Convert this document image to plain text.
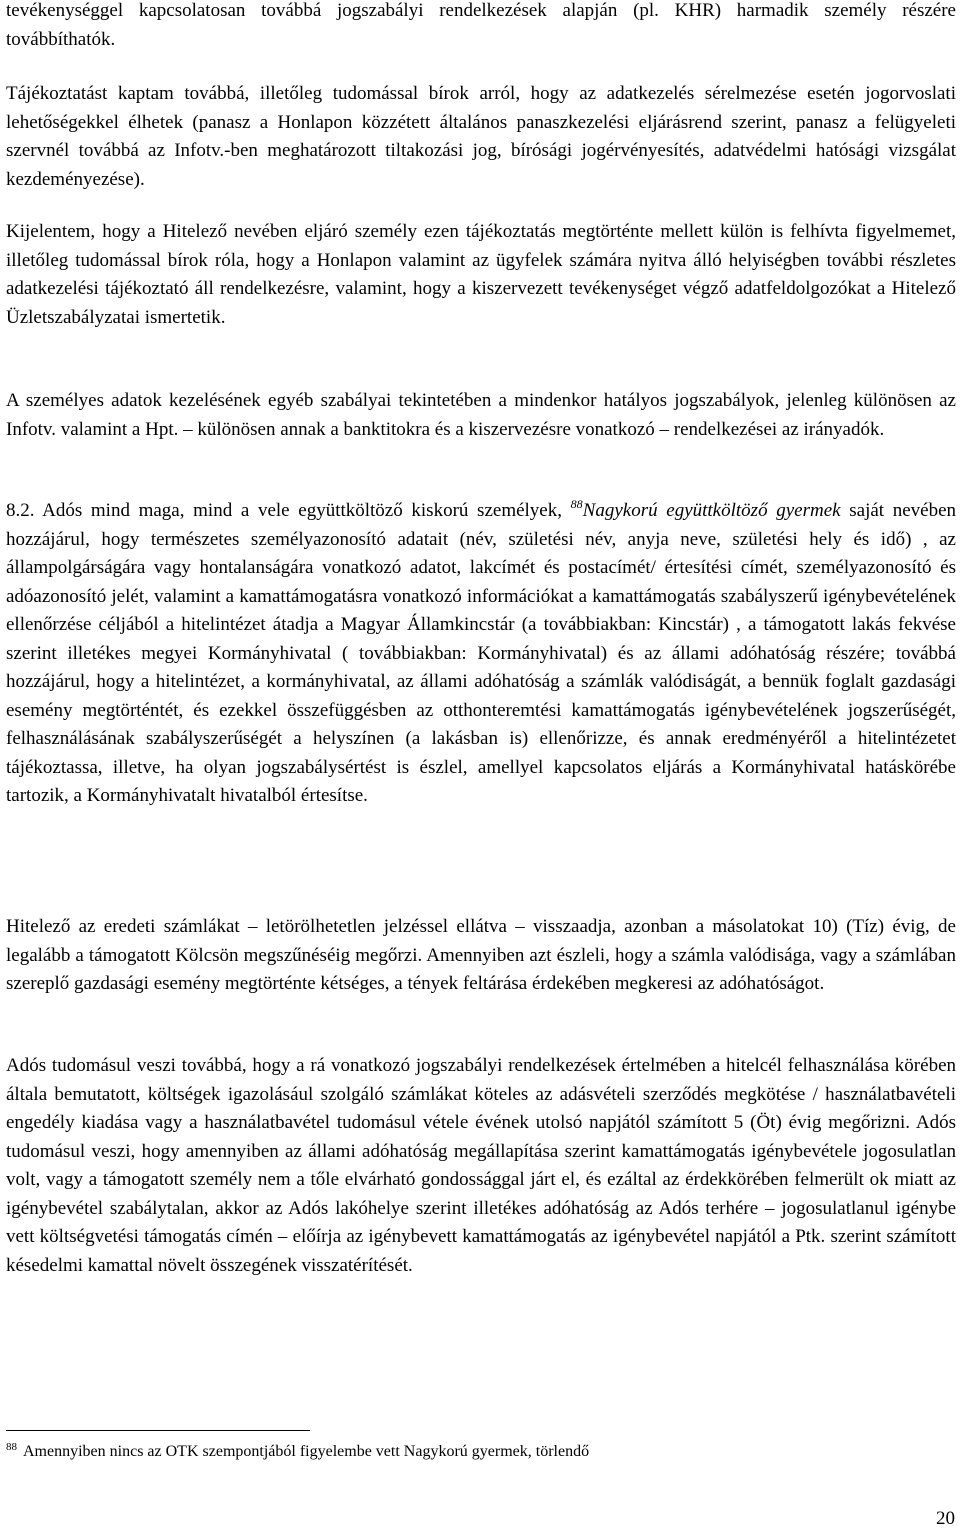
tevékenységgel kapcsolatosan továbbá jogszabályi rendelkezések alapján (pl. KHR) harmadik személy részére továbbíthatók.

Tájékoztatást kaptam továbbá, illetőleg tudomással bírok arról, hogy az adatkezelés sérelmezése esetén jogorvoslati lehetőségekkel élhetek (panasz a Honlapon közzétett általános panaszkezelési eljárásrend szerint, panasz a felügyeleti szervnél továbbá az Infotv.-ben meghatározott tiltakozási jog, bírósági jogérvényesítés, adatvédelmi hatósági vizsgálat kezdeményezése).

Kijelentem, hogy a Hitelező nevében eljáró személy ezen tájékoztatás megtörténte mellett külön is felhívta figyelmemet, illetőleg tudomással bírok róla, hogy a Honlapon valamint az ügyfelek számára nyitva álló helyiségben további részletes adatkezelési tájékoztató áll rendelkezésre, valamint, hogy a kiszervezett tevékenységet végző adatfeldolgozókat a Hitelező Üzletszabályzatai ismertetik.

A személyes adatok kezelésének egyéb szabályai tekintetében a mindenkor hatályos jogszabályok, jelenleg különösen az Infotv. valamint a Hpt. – különösen annak a banktitokra és a kiszervezésre vonatkozó – rendelkezései az irányadók.

8.2. Adós mind maga, mind a vele együttköltöző kiskorú személyek, $^{88}$Nagykorú együttköltöző gyermek saját nevében hozzájárul, hogy természetes személyazonosító adatait (név, születési név, anyja neve, születési hely és idő) , az állampolgárságára vagy hontalanságára vonatkozó adatot, lakcímét és postacímét/ értesítési címét, személyazonosító és adóazonosító jelét, valamint a kamattámogatásra vonatkozó információkat a kamattámogatás szabályszerű igénybevételének ellenőrzése céljából a hitelintézet átadja a Magyar Államkincstár (a továbbiakban: Kincstár) , a támogatott lakás fekvése szerint illetékes megyei Kormányhivatal ( továbbiakban: Kormányhivatal) és az állami adóhatóság részére; továbbá hozzájárul, hogy a hitelintézet, a kormányhivatal, az állami adóhatóság a számlák valódiságát, a bennük foglalt gazdasági esemény megtörténtét, és ezekkel összefüggésben az otthonteremtési kamattámogatás igénybevételének jogszerűségét, felhasználásának szabályszerűségét a helyszínen (a lakásban is) ellenőrizze, és annak eredményéről a hitelintézetet tájékoztassa, illetve, ha olyan jogszabálysértést is észlel, amellyel kapcsolatos eljárás a Kormányhivatal hatáskörébe tartozik, a Kormányhivatalt hivatalból értesítse.

Hitelező az eredeti számlákat – letörölhetetlen jelzéssel ellátva – visszaadja, azonban a másolatokat 10) (Tíz) évig, de legalább a támogatott Kölcsön megszűnéséig megőrzi. Amennyiben azt észleli, hogy a számla valódisága, vagy a számlában szereplő gazdasági esemény megtörténte kétséges, a tények feltárása érdekében megkeresi az adóhatóságot.

Adós tudomásul veszi továbbá, hogy a rá vonatkozó jogszabályi rendelkezések értelmében a hitelcél felhasználása körében általa bemutatott, költségek igazolásául szolgáló számlákat köteles az adásvételi szerződés megkötése / használatbavételi engedély kiadása vagy a használatbavétel tudomásul vétele évének utolsó napjától számított 5 (Öt) évig megőrizni. Adós tudomásul veszi, hogy amennyiben az állami adóhatóság megállapítása szerint kamattámogatás igénybevétele jogosulatlan volt, vagy a támogatott személy nem a tőle elvárható gondossággal járt el, és ezáltal az érdekkörében felmerült ok miatt az igénybevétel szabálytalan, akkor az Adós lakóhelye szerint illetékes adóhatóság az Adós terhére – jogosulatlanul igénybe vett költségvetési támogatás címén – előírja az igénybevett kamattámogatás az igénybevétel napjától a Ptk. szerint számított késedelmi kamattal növelt összegének visszatérítését.

$^{88}$ Amennyiben nincs az OTK szempontjából figyelembe vett Nagykorú gyermek, törlendő
20
